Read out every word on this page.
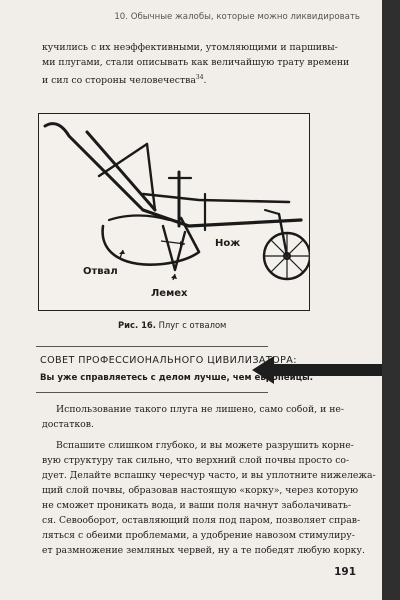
10. Обычные жалобы, которые можно ликвидировать

кучились с их неэффективными, утомляющими и паршивы-

ми плугами, стали описывать как величайшую трату времени

и сил со стороны человечества$^{34}$.

Нож
Отвал
Лемех
Рис. 16. Плуг с отвалом
СОВЕТ ПРОФЕССИОНАЛЬНОГО ЦИВИЛИЗАТОРА:
Вы уже справляетесь с делом лучше, чем европейцы.

Использование такого плуга не лишено, само собой, и не-

достатков.

Вспашите слишком глубоко, и вы можете разрушить корне-

вую структуру так сильно, что верхний слой почвы просто со-

дует. Делайте вспашку чересчур часто, и вы уплотните нижележа-

щий слой почвы, образовав настоящую «корку», через которую

не сможет проникать вода, и ваши поля начнут заболачивать-

ся. Севооборот, оставляющий поля под паром, позволяет справ-

ляться с обеими проблемами, а удобрение навозом стимулиру-

ет размножение земляных червей, ну а те победят любую корку.

191
